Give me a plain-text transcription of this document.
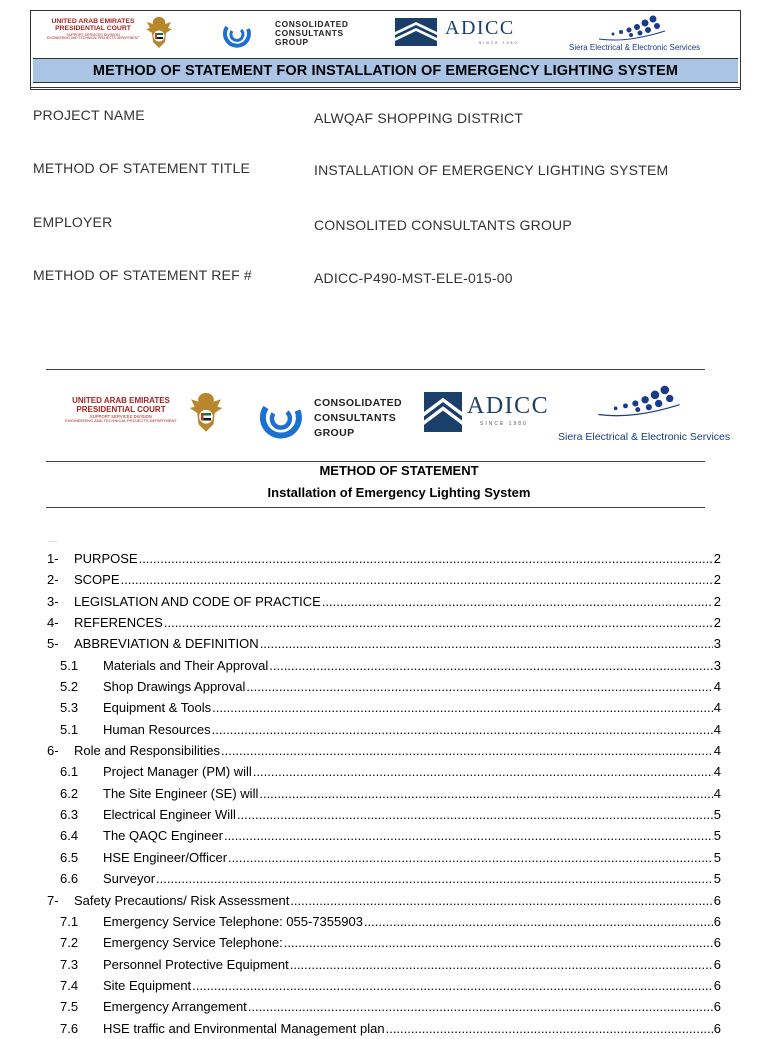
UNITED ARAB EMIRATES
PRESIDENTIAL COURT
SUPPORT SERVICES DIVISION
ENGINEERING AND TECHNICAL PROJECTS DEPARTMENT
CONSOLIDATED
CONSULTANTS
GROUP
ADICC
SINCE 1980	Siera Electrical & Electronic Services
METHOD OF STATEMENT FOR INSTALLATION OF EMERGENCY LIGHTING SYSTEM
PROJECT NAME	ALWQAF SHOPPING DISTRICT
METHOD OF STATEMENT TITLE	INSTALLATION OF EMERGENCY LIGHTING SYSTEM
EMPLOYER	CONSOLITED CONSULTANTS GROUP
METHOD OF STATEMENT REF #	ADICC-P490-MST-ELE-015-00
UNITED ARAB EMIRATES
PRESIDENTIAL COURT
SUPPORT SERVICES DIVISION
ENGINEERING AND TECHNICAL PROJECTS DEPARTMENT
CONSOLIDATED
CONSULTANTS
GROUP
ADICC
SINCE 1980
Siera Electrical & Electronic Services
METHOD OF STATEMENT
Installation of Emergency Lighting System
......
1-	PURPOSE .....	2
2-	SCOPE .....	2
3-	LEGISLATION AND CODE OF PRACTICE .....	2
4-	REFERENCES .....	2
5-	ABBREVIATION & DEFINITION .....	3
5.1	Materials and Their Approval .....	3
5.2	Shop Drawings Approval .....	4
5.3	Equipment & Tools .....	4
5.1	Human Resources .....	4
6-	Role and Responsibilities .....	4
6.1	Project Manager (PM) will .....	4
6.2	The Site Engineer (SE) will .....	4
6.3	Electrical Engineer Will .....	5
6.4	The QAQC Engineer .....	5
6.5	HSE Engineer/Officer .....	5
6.6	Surveyor .....	5
7-	Safety Precautions/ Risk Assessment .....	6
7.1	Emergency Service Telephone: 055-7355903 .....	6
7.2	Emergency Service Telephone: .....	6
7.3	Personnel Protective Equipment .....	6
7.4	Site Equipment .....	6
7.5	Emergency Arrangement .....	6
7.6	HSE traffic and Environmental Management plan .....	6
